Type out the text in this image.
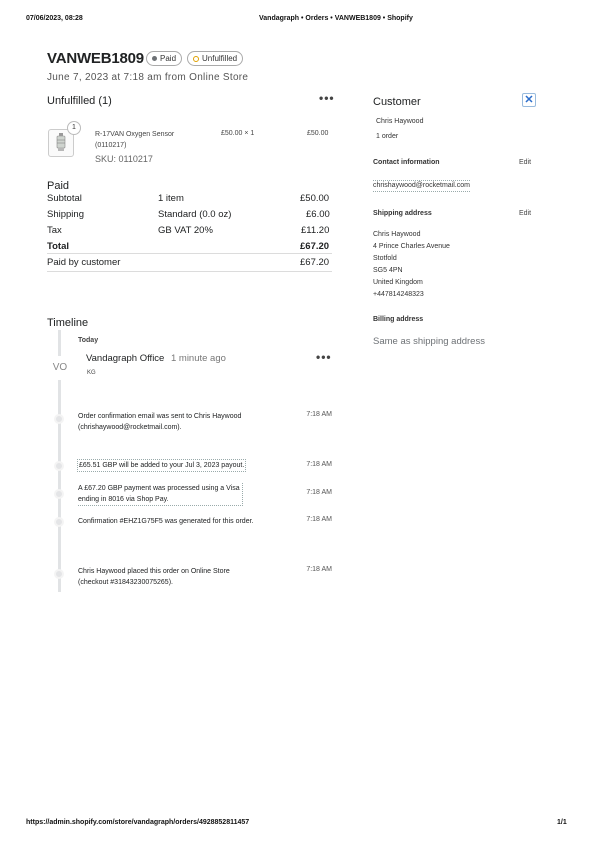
07/06/2023, 08:28	Vandagraph • Orders • VANWEB1809 • Shopify
VANWEB1809 Paid	Unfulfilled
June 7, 2023 at 7:18 am from Online Store
Unfulfilled (1)	•••
1
R-17VAN Oxygen Sensor
(0110217)
SKU: 0110217
£50.00 × 1	£50.00
Paid
Subtotal	1 item	£50.00
Shipping	Standard (0.0 oz)	£6.00
Tax	GB VAT 20%	£11.20
Total	£67.20
Paid by customer	£67.20
Timeline
Today
VO
Vandagraph Office 1 minute ago
KG
•••
Order confirmation email was sent to Chris Haywood
(chrishaywood@rocketmail.com).
7:18 AM
£65.51 GBP will be added to your Jul 3, 2023 payout.	7:18 AM
A £67.20 GBP payment was processed using a Visa
ending in 8016 via Shop Pay.
7:18 AM
Confirmation #EHZ1G75F5 was generated for this order.	7:18 AM
Chris Haywood placed this order on Online Store
(checkout #31843230075265).
7:18 AM
Customer	✕
Chris Haywood
1 order
Contact information	Edit
chrishaywood@rocketmail.com
Shipping address	Edit
Chris Haywood
4 Prince Charles Avenue
Stotfold
SG5 4PN
United Kingdom
+447814248323
Billing address
Same as shipping address
https://admin.shopify.com/store/vandagraph/orders/4928852811457	1/1
